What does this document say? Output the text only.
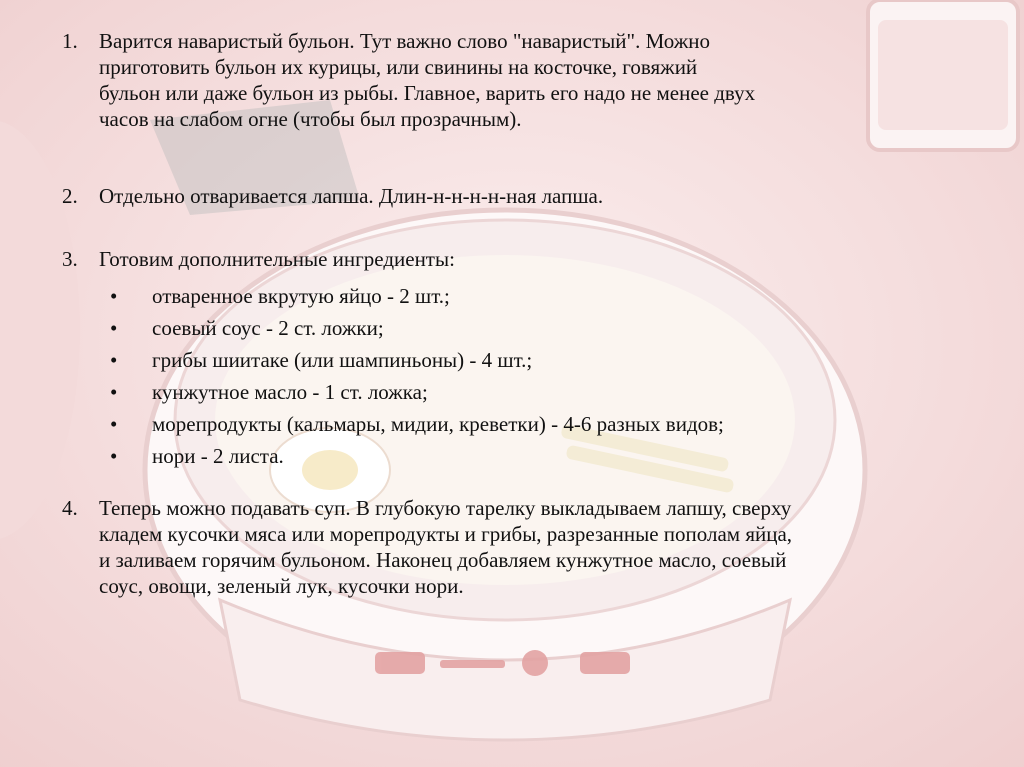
1.	Варится наваристый бульон. Тут важно слово "наваристый". Можно
приготовить бульон их курицы, или свинины на косточке, говяжий
бульон или даже бульон из рыбы. Главное, варить его надо не менее двух
часов на слабом огне (чтобы был прозрачным).
2.	Отдельно отваривается лапша. Длин-н-н-н-н-ная лапша.
3.	Готовим дополнительные ингредиенты:
•	отваренное вкрутую яйцо - 2 шт.;
•	соевый соус - 2 ст. ложки;
•	грибы шиитаке (или шампиньоны) - 4 шт.;
•	кунжутное масло - 1 ст. ложка;
•	морепродукты (кальмары, мидии, креветки) - 4-6 разных видов;
•	нори - 2 листа.
4.	Теперь можно подавать суп. В глубокую тарелку выкладываем лапшу, сверху
кладем кусочки мяса или морепродукты и грибы, разрезанные пополам яйца,
и заливаем горячим бульоном. Наконец добавляем кунжутное масло, соевый
соус, овощи, зеленый лук, кусочки нори.
